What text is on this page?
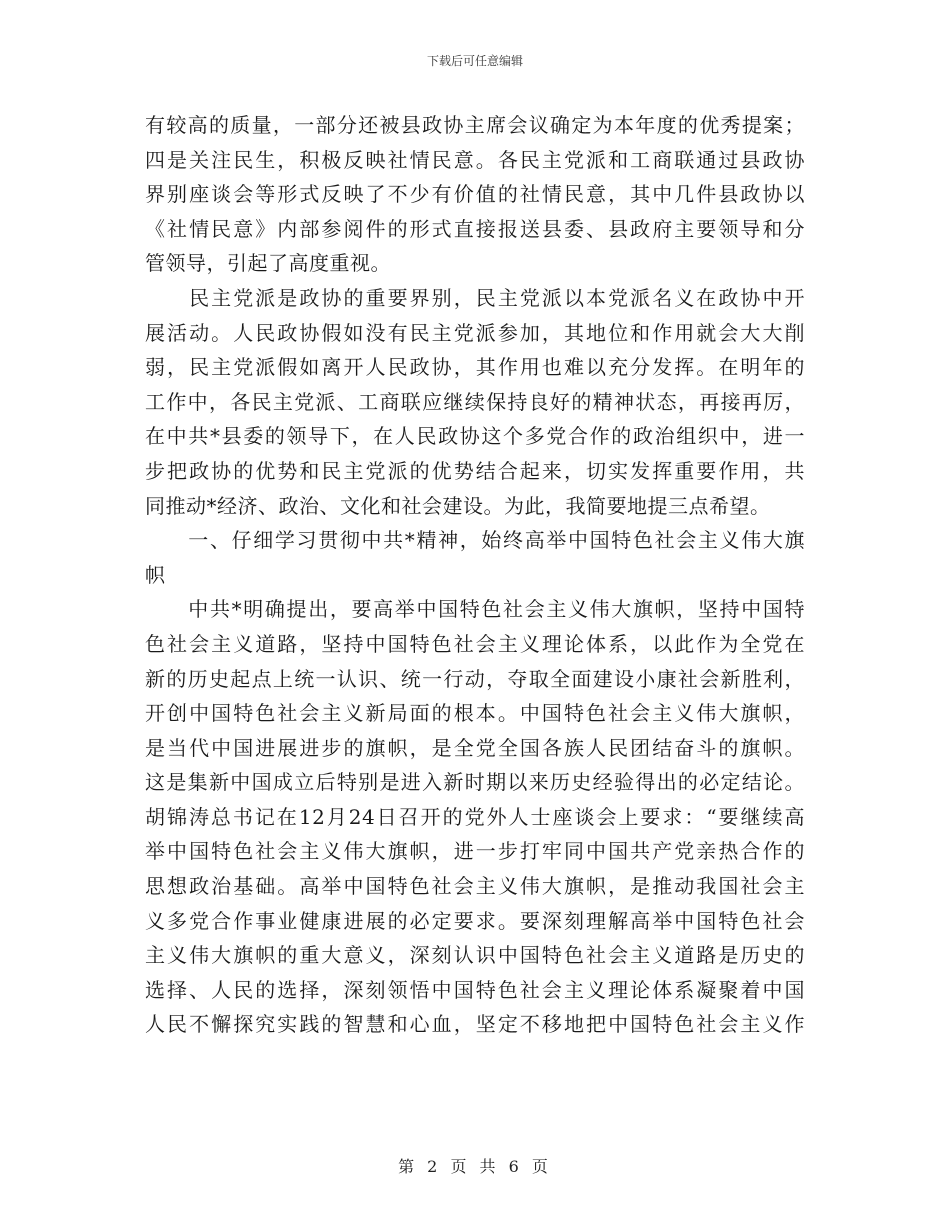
下载后可任意编辑
有较高的质量，一部分还被县政协主席会议确定为本年度的优秀提案；
四是关注民生，积极反映社情民意。各民主党派和工商联通过县政协
界别座谈会等形式反映了不少有价值的社情民意，其中几件县政协以
《社情民意》内部参阅件的形式直接报送县委、县政府主要领导和分
管领导，引起了高度重视。
　　民主党派是政协的重要界别，民主党派以本党派名义在政协中开
展活动。人民政协假如没有民主党派参加，其地位和作用就会大大削
弱，民主党派假如离开人民政协，其作用也难以充分发挥。在明年的
工作中，各民主党派、工商联应继续保持良好的精神状态，再接再厉，
在中共*县委的领导下，在人民政协这个多党合作的政治组织中，进一
步把政协的优势和民主党派的优势结合起来，切实发挥重要作用，共
同推动*经济、政治、文化和社会建设。为此，我简要地提三点希望。
　　一、仔细学习贯彻中共*精神，始终高举中国特色社会主义伟大旗
帜
　　中共*明确提出，要高举中国特色社会主义伟大旗帜，坚持中国特
色社会主义道路，坚持中国特色社会主义理论体系，以此作为全党在
新的历史起点上统一认识、统一行动，夺取全面建设小康社会新胜利，
开创中国特色社会主义新局面的根本。中国特色社会主义伟大旗帜，
是当代中国进展进步的旗帜，是全党全国各族人民团结奋斗的旗帜。
这是集新中国成立后特别是进入新时期以来历史经验得出的必定结论。
胡锦涛总书记在12月24日召开的党外人士座谈会上要求：“要继续高
举中国特色社会主义伟大旗帜，进一步打牢同中国共产党亲热合作的
思想政治基础。高举中国特色社会主义伟大旗帜，是推动我国社会主
义多党合作事业健康进展的必定要求。要深刻理解高举中国特色社会
主义伟大旗帜的重大意义，深刻认识中国特色社会主义道路是历史的
选择、人民的选择，深刻领悟中国特色社会主义理论体系凝聚着中国
人民不懈探究实践的智慧和心血，坚定不移地把中国特色社会主义作
第 2 页 共 6 页
